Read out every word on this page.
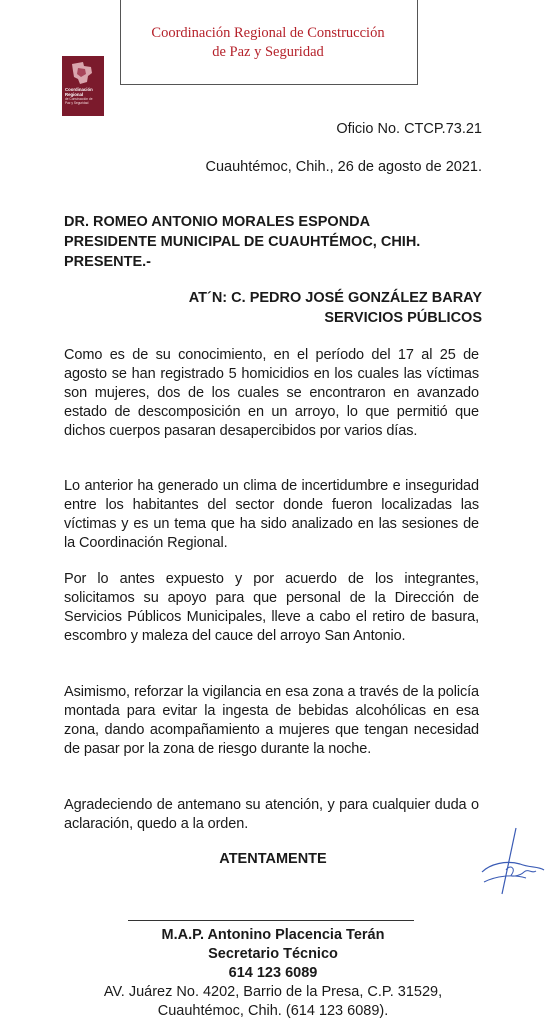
Coordinación Regional de Construcción
de Paz y Seguridad
Coordinación
Regional
de Construcción de
Paz y Seguridad
Oficio No. CTCP.73.21
Cuauhtémoc, Chih., 26 de agosto de 2021.
DR. ROMEO ANTONIO MORALES ESPONDA
PRESIDENTE MUNICIPAL DE CUAUHTÉMOC, CHIH.
PRESENTE.-
AT´N: C. PEDRO JOSÉ GONZÁLEZ BARAY
SERVICIOS PÚBLICOS
Como es de su conocimiento, en el período del 17 al 25 de agosto se han registrado 5 homicidios en los cuales las víctimas son mujeres, dos de los cuales se encontraron en avanzado estado de descomposición en un arroyo, lo que permitió que dichos cuerpos pasaran desapercibidos por varios días.
Lo anterior ha generado un clima de incertidumbre e inseguridad entre los habitantes del sector donde fueron localizadas las víctimas y es un tema que ha sido analizado en las sesiones de la Coordinación Regional.
Por lo antes expuesto y por acuerdo de los integrantes, solicitamos su apoyo para que personal de la Dirección de Servicios Públicos Municipales, lleve a cabo el retiro de basura, escombro y maleza del cauce del arroyo San Antonio.
Asimismo, reforzar la vigilancia en esa zona a través de la policía montada para evitar la ingesta de bebidas alcohólicas en esa zona, dando acompañamiento a mujeres que tengan necesidad de pasar por la zona de riesgo durante la noche.
Agradeciendo de antemano su atención, y para cualquier duda o aclaración, quedo a la orden.
ATENTAMENTE
M.A.P. Antonino Placencia Terán
Secretario Técnico
614 123 6089
AV. Juárez No. 4202, Barrio de la Presa, C.P. 31529,
Cuauhtémoc, Chih. (614 123 6089).
